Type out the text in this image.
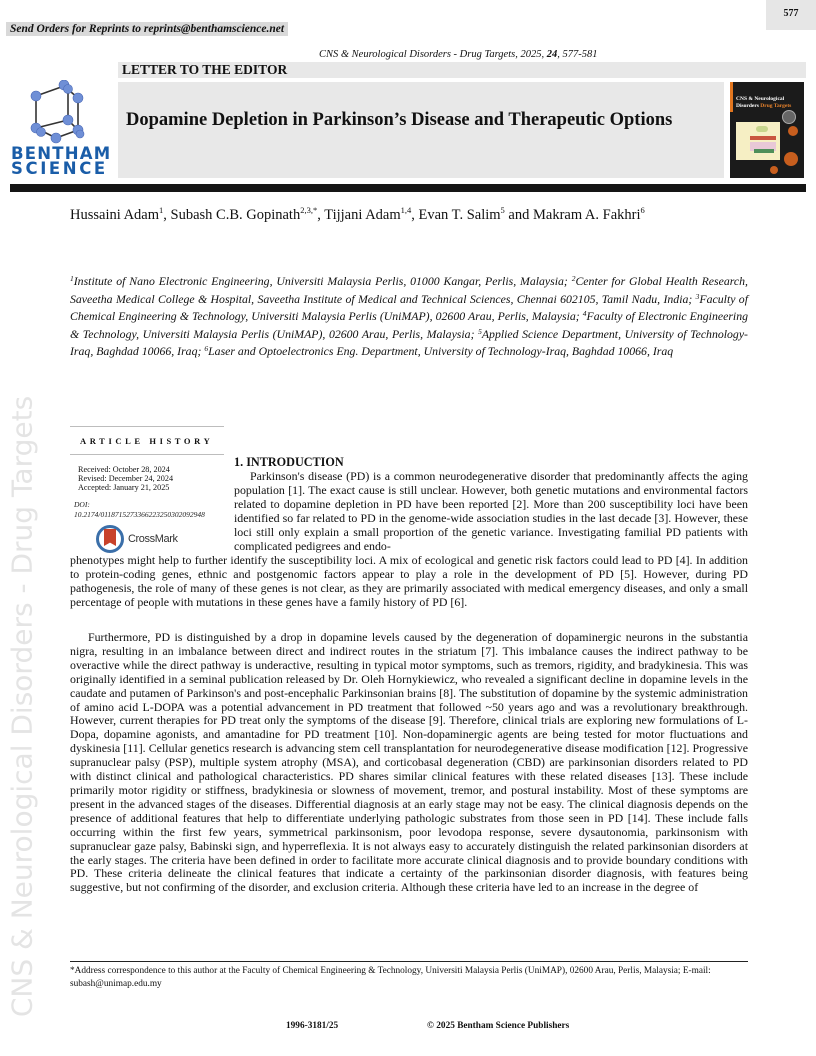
577
Send Orders for Reprints to reprints@benthamscience.net
CNS & Neurological Disorders - Drug Targets, 2025, 24, 577-581
BENTHAM
SCIENCE
LETTER TO THE EDITOR
Dopamine Depletion in Parkinson’s Disease and Therapeutic Options
CNS & Neurological
Disorders Drug Targets
Hussaini Adam$^1$, Subash C.B. Gopinath$^{2,3,*}$, Tijjani Adam$^{1,4}$, Evan T. Salim$^5$ and Makram A. Fakhri$^6$
$^1$Institute of Nano Electronic Engineering, Universiti Malaysia Perlis, 01000 Kangar, Perlis, Malaysia; $^2$Center for Global Health Research, Saveetha Medical College & Hospital, Saveetha Institute of Medical and Technical Sciences, Chennai 602105, Tamil Nadu, India; $^3$Faculty of Chemical Engineering & Technology, Universiti Malaysia Perlis (UniMAP), 02600 Arau, Perlis, Malaysia; $^4$Faculty of Electronic Engineering & Technology, Universiti Malaysia Perlis (UniMAP), 02600 Arau, Perlis, Malaysia; $^5$Applied Science Department, University of Technology-Iraq, Baghdad 10066, Iraq; $^6$Laser and Optoelectronics Eng. Department, University of Technology-Iraq, Baghdad 10066, Iraq
CNS & Neurological Disorders - Drug Targets	ARTICLE HISTORY
Received: October 28, 2024
Revised: December 24, 2024
Accepted: January 21, 2025
DOI:
10.2174/0118715273366223250302092948
CrossMark
1. INTRODUCTION
Parkinson's disease (PD) is a common neurodegenerative disorder that predominantly affects the aging population [1]. The exact cause is still unclear. However, both genetic mutations and environmental factors related to dopamine depletion in PD have been reported [2]. More than 200 susceptibility loci have been identified so far related to PD in the genome-wide association studies in the last decade [3]. However, these loci still only explain a small proportion of the genetic variance. Investigating familial PD patients with complicated pedigrees and endo-
phenotypes might help to further identify the susceptibility loci. A mix of ecological and genetic risk factors could lead to PD [4]. In addition to protein-coding genes, ethnic and postgenomic factors appear to play a role in the development of PD [5]. However, during PD pathogenesis, the role of many of these genes is not clear, as they are primarily associated with medical emergency diseases, and only a small percentage of people with mutations in these genes have a family history of PD [6].
Furthermore, PD is distinguished by a drop in dopamine levels caused by the degeneration of dopaminergic neurons in the substantia nigra, resulting in an imbalance between direct and indirect routes in the striatum [7]. This imbalance causes the indirect pathway to be overactive while the direct pathway is underactive, resulting in typical motor symptoms, such as tremors, rigidity, and bradykinesia. This was originally identified in a seminal publication released by Dr. Oleh Hornykiewicz, who revealed a significant decline in dopamine levels in the caudate and putamen of Parkinson's and post-encephalic Parkinsonian brains [8]. The substitution of dopamine by the systemic administration of amino acid L-DOPA was a potential advancement in PD treatment that followed ~50 years ago and was a revolutionary breakthrough. However, current therapies for PD treat only the symptoms of the disease [9]. Therefore, clinical trials are exploring new formulations of L-Dopa, dopamine agonists, and amantadine for PD treatment [10]. Non-dopaminergic agents are being tested for motor fluctuations and dyskinesia [11]. Cellular genetics research is advancing stem cell transplantation for neurodegenerative disease modification [12]. Progressive supranuclear palsy (PSP), multiple system atrophy (MSA), and corticobasal degeneration (CBD) are parkinsonian disorders related to PD with distinct clinical and pathological characteristics. PD shares similar clinical features with these related diseases [13]. These include primarily motor rigidity or stiffness, bradykinesia or slowness of movement, tremor, and postural instability. Most of these symptoms are present in the advanced stages of the diseases. Differential diagnosis at an early stage may not be easy. The clinical diagnosis depends on the presence of additional features that help to differentiate underlying pathologic substrates from those seen in PD [14]. These include falls occurring within the first few years, symmetrical parkinsonism, poor levodopa response, severe dysautonomia, parkinsonism with supranuclear gaze palsy, Babinski sign, and hyperreflexia. It is not always easy to accurately distinguish the related parkinsonian disorders at the early stages. The criteria have been defined in order to facilitate more accurate clinical diagnosis and to provide boundary conditions with PD. These criteria delineate the clinical features that indicate a certainty of the parkinsonian disorder diagnosis, with features being suggestive, but not confirming of the disorder, and exclusion criteria. Although these criteria have led to an increase in the degree of
*Address correspondence to this author at the Faculty of Chemical Engineering & Technology, Universiti Malaysia Perlis (UniMAP), 02600 Arau, Perlis, Malaysia; E-mail: subash@unimap.edu.my
1996-3181/25	© 2025 Bentham Science Publishers
